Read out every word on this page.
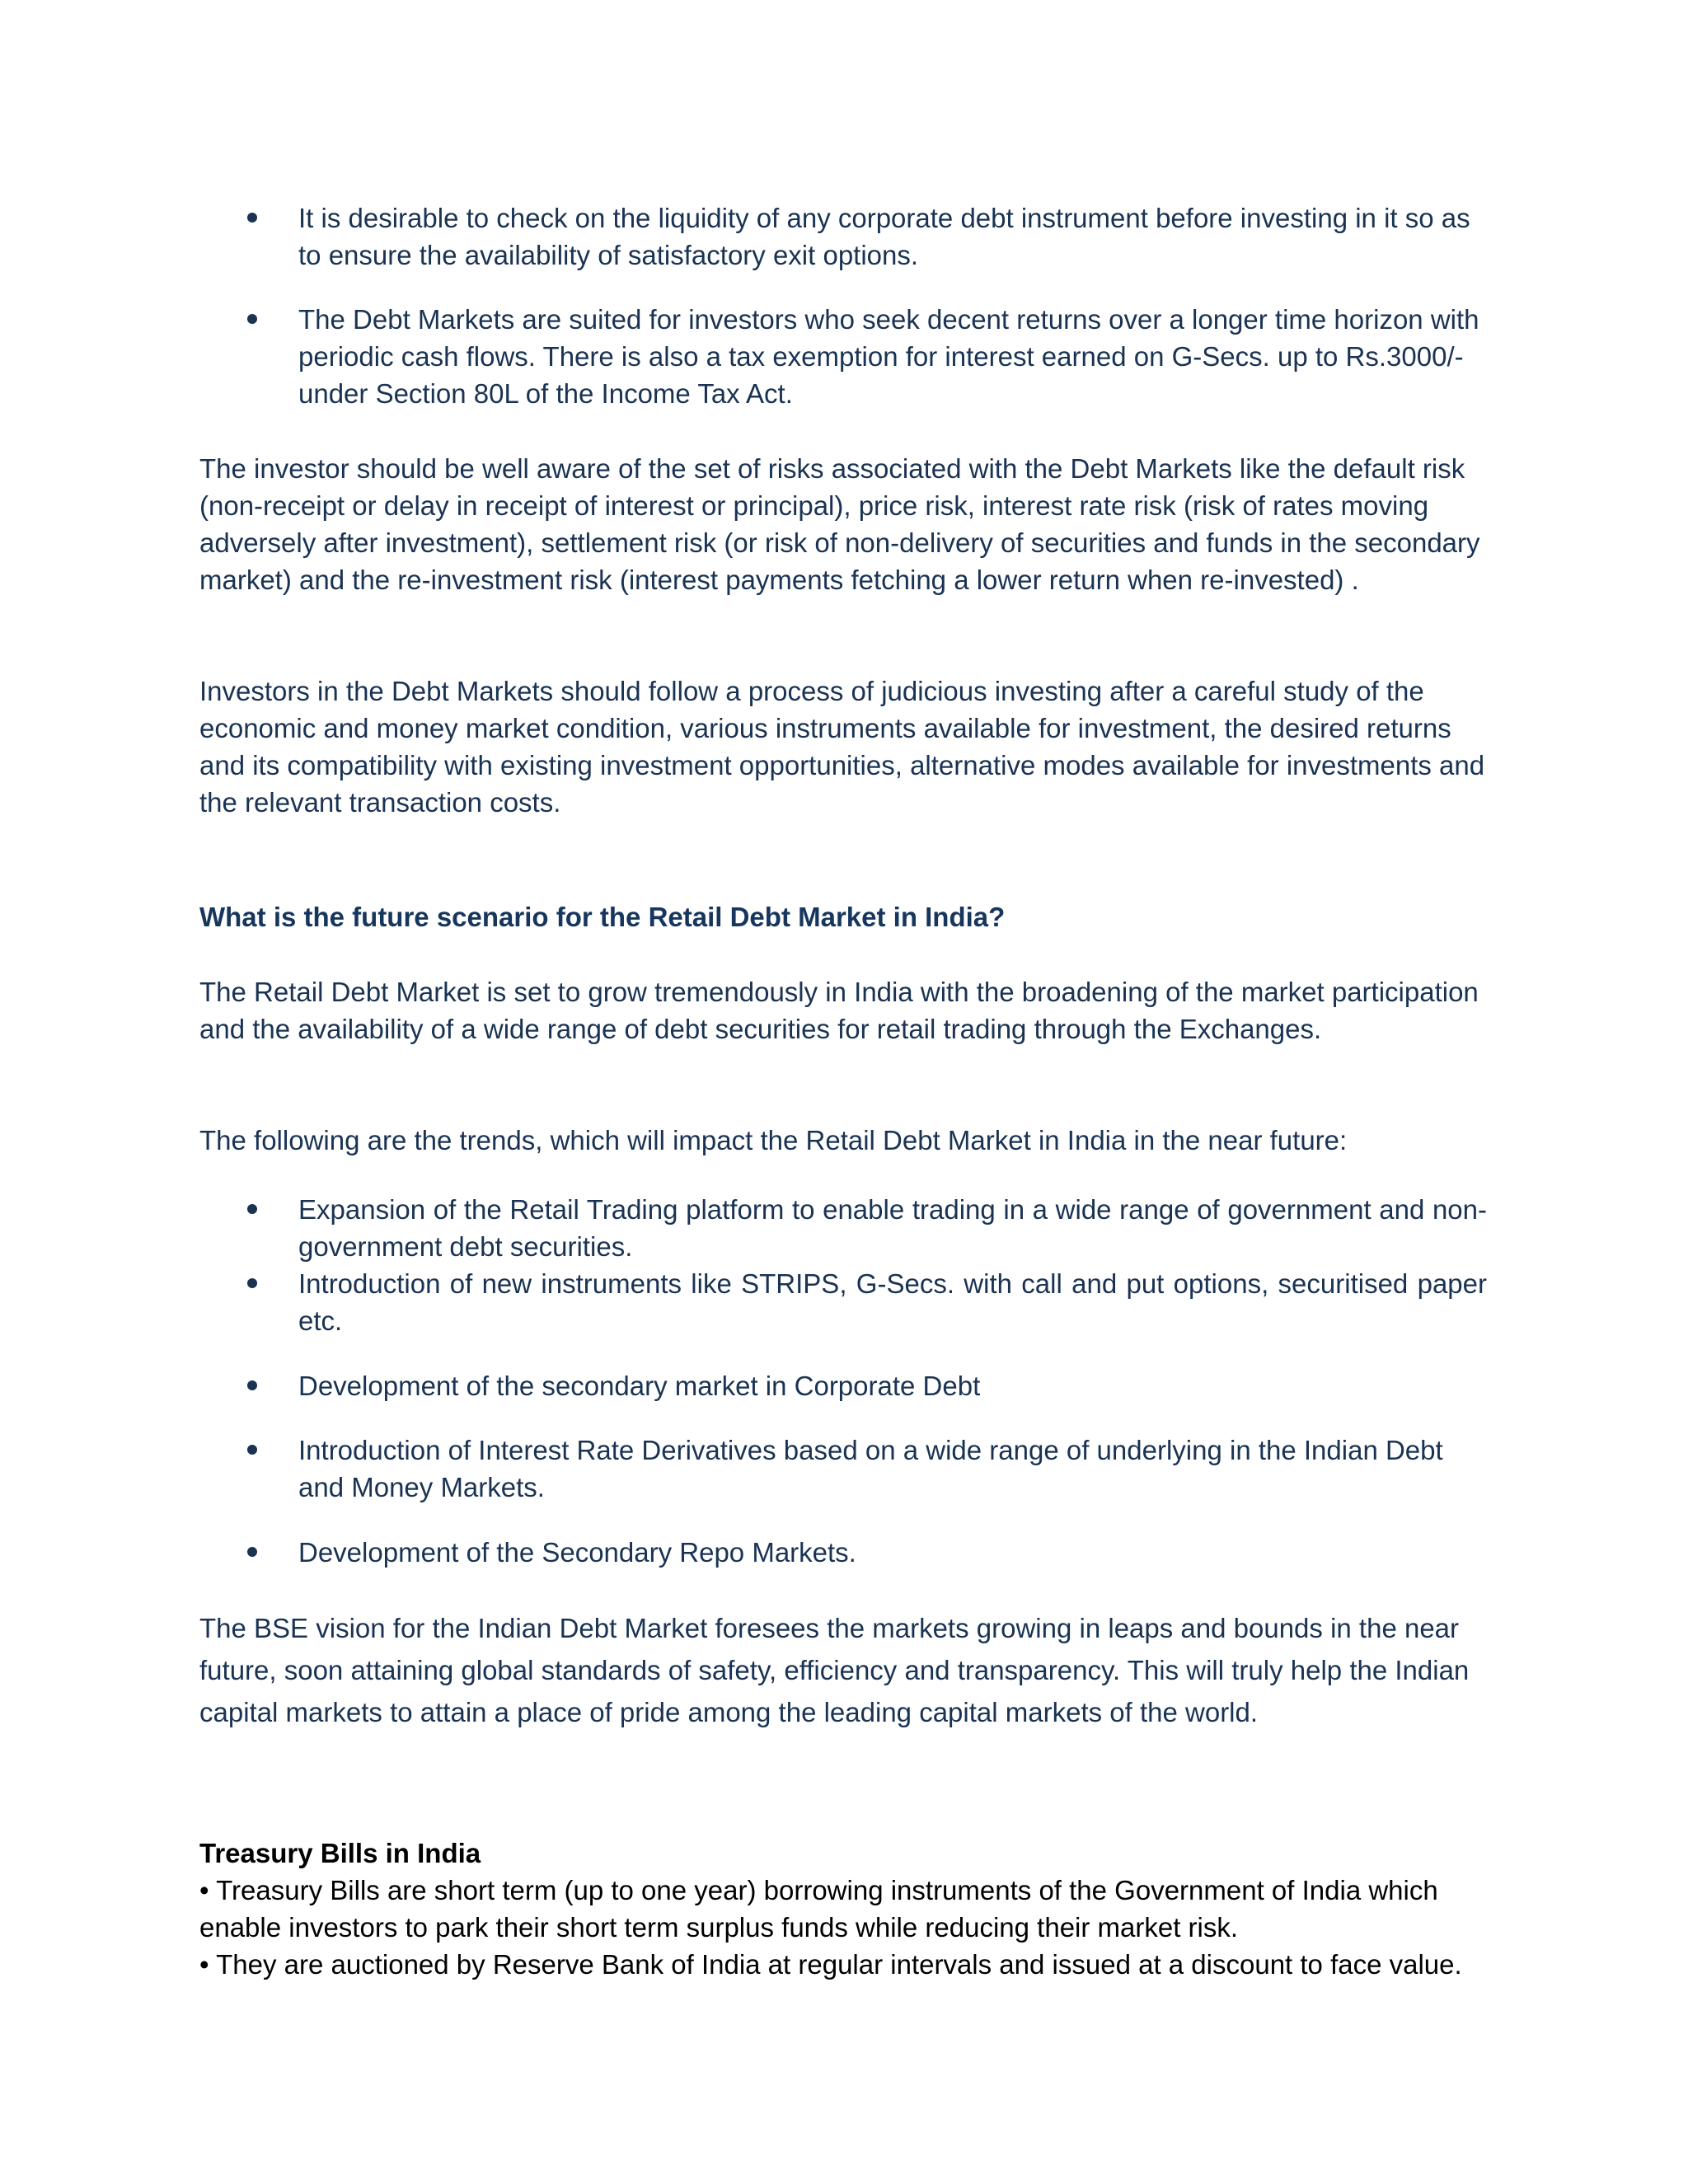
It is desirable to check on the liquidity of any corporate debt instrument before investing in it so as to ensure the availability of satisfactory exit options.

The Debt Markets are suited for investors who seek decent returns over a longer time horizon with periodic cash flows. There is also a tax exemption for interest earned on G-Secs. up to Rs.3000/- under Section 80L of the Income Tax Act.

The investor should be well aware of the set of risks associated with the Debt Markets like the default risk (non-receipt or delay in receipt of interest or principal), price risk, interest rate risk (risk of rates moving adversely after investment), settlement risk (or risk of non-delivery of securities and funds in the secondary market) and the re-investment risk (interest payments fetching a lower return when re-invested) .

Investors in the Debt Markets should follow a process of judicious investing after a careful study of the economic and money market condition, various instruments available for investment, the desired returns and its compatibility with existing investment opportunities, alternative modes available for investments and the relevant transaction costs.

What is the future scenario for the Retail Debt Market in India?

The Retail Debt Market is set to grow tremendously in India with the broadening of the market participation and the availability of a wide range of debt securities for retail trading through the Exchanges.

The following are the trends, which will impact the Retail Debt Market in India in the near future:

Expansion of the Retail Trading platform to enable trading in a wide range of government and non-government debt securities.

Introduction of new instruments like STRIPS, G-Secs. with call and put options, securitised paper etc.

Development of the secondary market in Corporate Debt

Introduction of Interest Rate Derivatives based on a wide range of underlying in the Indian Debt and Money Markets.

Development of the Secondary Repo Markets.

The BSE vision for the Indian Debt Market foresees the markets growing in leaps and bounds in the near future, soon attaining global standards of safety, efficiency and transparency. This will truly help the Indian capital markets to attain a place of pride among the leading capital markets of the world.

Treasury Bills in India

• Treasury Bills are short term (up to one year) borrowing instruments of the Government of India which enable investors to park their short term surplus funds while reducing their market risk.

• They are auctioned by Reserve Bank of India at regular intervals and issued at a discount to face value.
